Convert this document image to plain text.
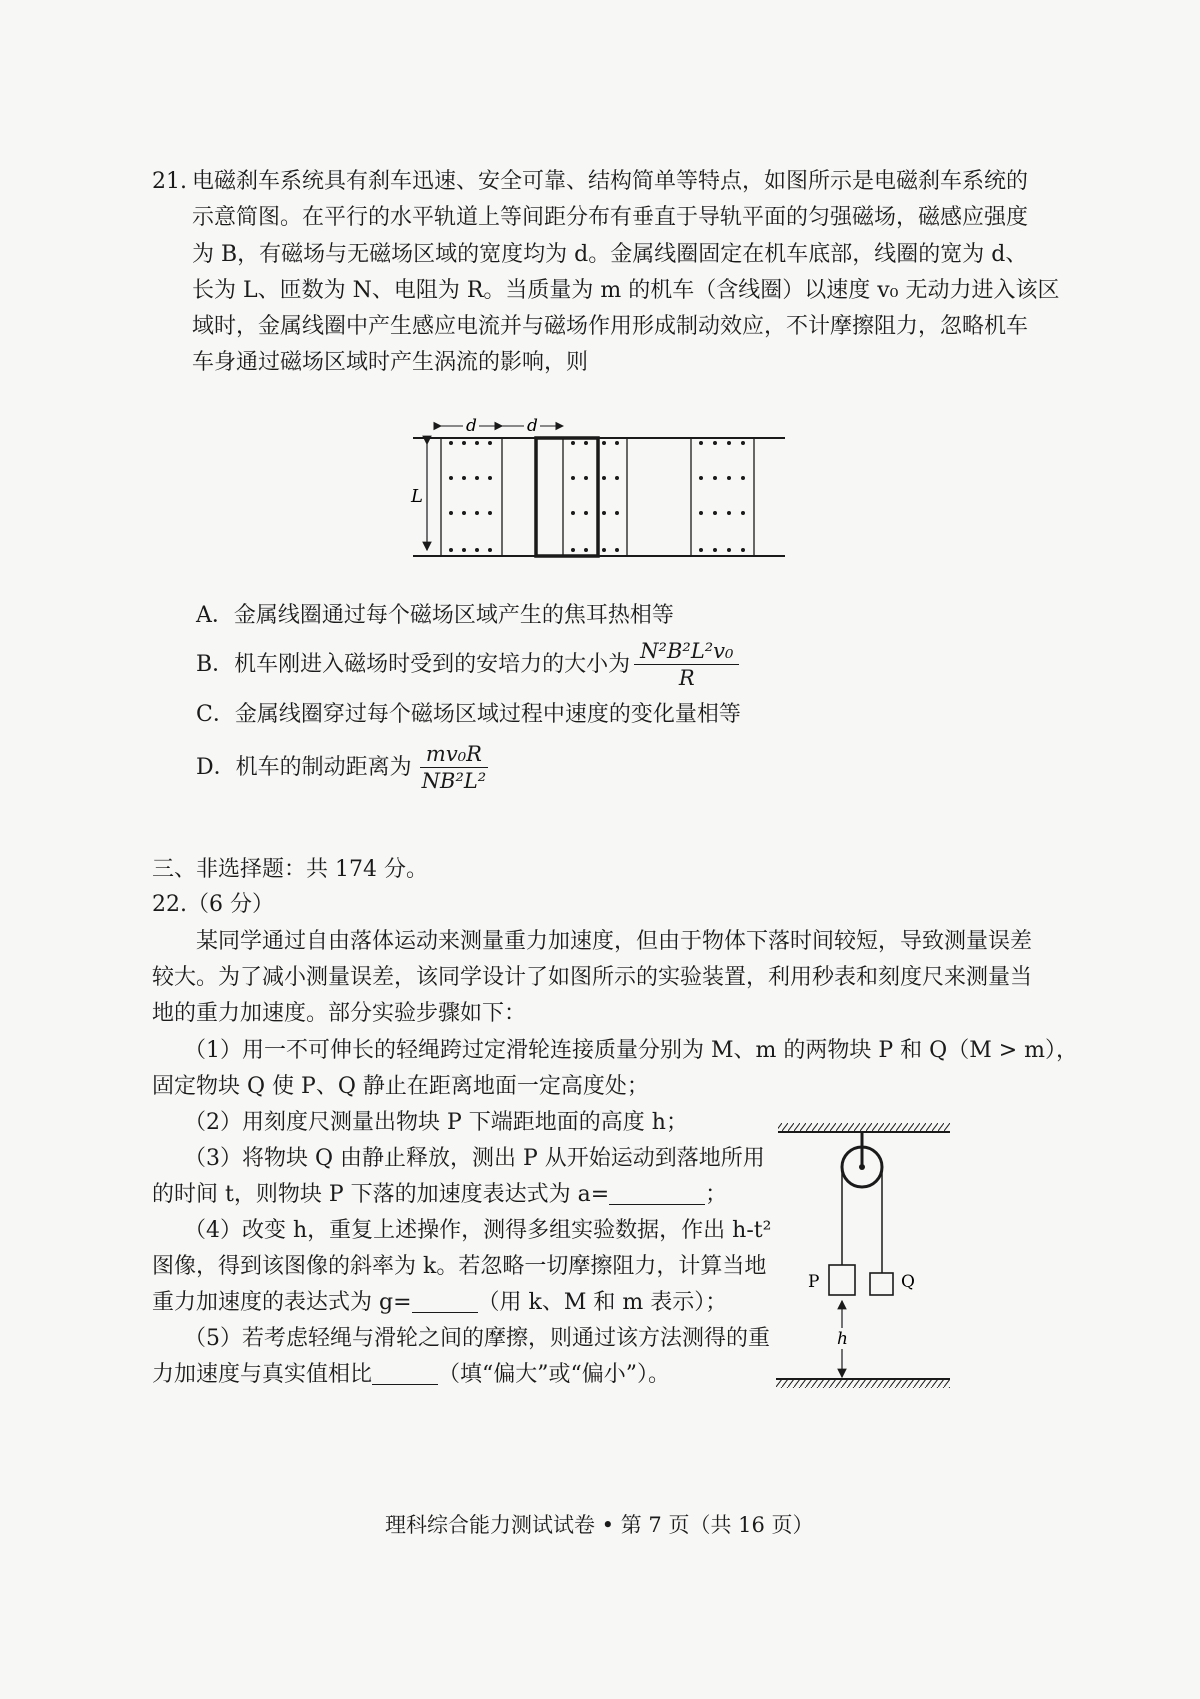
21. 电磁刹车系统具有刹车迅速、安全可靠、结构简单等特点，如图所示是电磁刹车系统的
示意简图。在平行的水平轨道上等间距分布有垂直于导轨平面的匀强磁场，磁感应强度
为 B，有磁场与无磁场区域的宽度均为 d。金属线圈固定在机车底部，线圈的宽为 d、
长为 L、匝数为 N、电阻为 R。当质量为 m 的机车（含线圈）以速度 v₀ 无动力进入该区
域时，金属线圈中产生感应电流并与磁场作用形成制动效应，不计摩擦阻力，忽略机车
车身通过磁场区域时产生涡流的影响，则
L
d	d
A．金属线圈通过每个磁场区域产生的焦耳热相等
B．机车刚进入磁场时受到的安培力的大小为 $\frac{\text{N²B²L²v₀}}{R}$
C．金属线圈穿过每个磁场区域过程中速度的变化量相等
D．机车的制动距离为 $\frac{\text{mv₀R}}{\text{NB²L²}}$
三、非选择题：共 174 分。
22.（6 分）
某同学通过自由落体运动来测量重力加速度，但由于物体下落时间较短，导致测量误差
较大。为了减小测量误差，该同学设计了如图所示的实验装置，利用秒表和刻度尺来测量当
地的重力加速度。部分实验步骤如下：
（1）用一不可伸长的轻绳跨过定滑轮连接质量分别为 M、m 的两物块 P 和 Q（M > m），
固定物块 Q 使 P、Q 静止在距离地面一定高度处；
（2）用刻度尺测量出物块 P 下端距地面的高度 h；
（3）将物块 Q 由静止释放，测出 P 从开始运动到落地所用
的时间 t，则物块 P 下落的加速度表达式为 a=	；
（4）改变 h，重复上述操作，测得多组实验数据，作出 h-t²
图像，得到该图像的斜率为 k。若忽略一切摩擦阻力，计算当地
重力加速度的表达式为 g=	（用 k、M 和 m 表示）；
（5）若考虑轻绳与滑轮之间的摩擦，则通过该方法测得的重
力加速度与真实值相比	（填“偏大”或“偏小”）。
P	Q
h
理科综合能力测试试卷 • 第 7 页（共 16 页）
